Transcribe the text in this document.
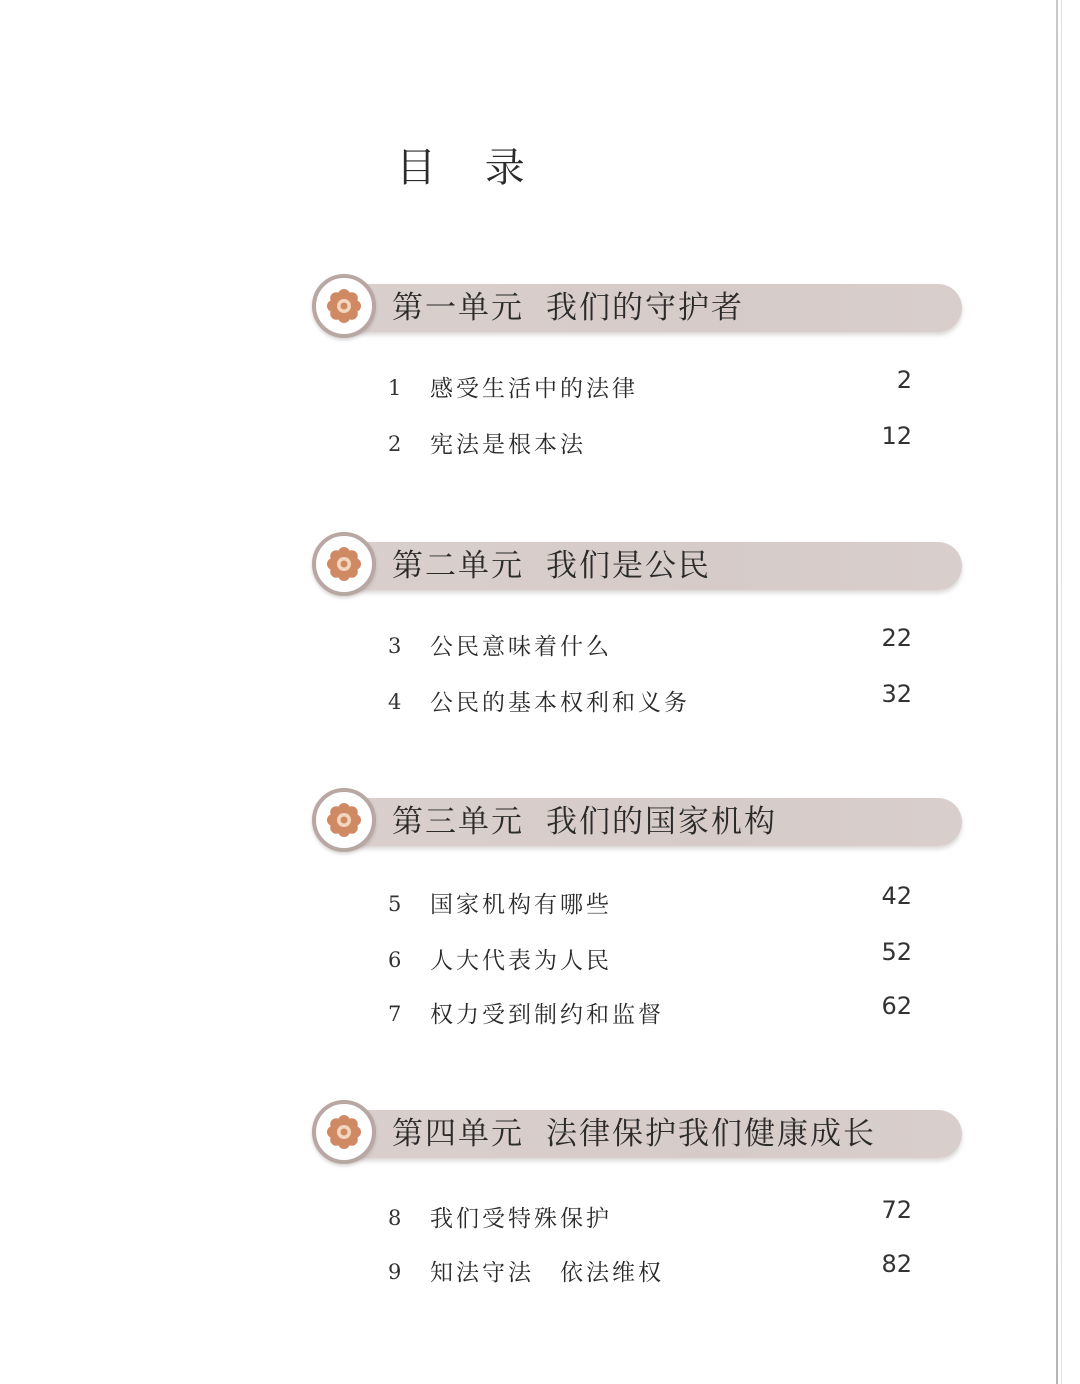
目 录
第一单元 我们的守护者
1 感受生活中的法律	2
2 宪法是根本法	12
第二单元 我们是公民
3 公民意味着什么	22
4 公民的基本权利和义务	32
第三单元 我们的国家机构
5 国家机构有哪些	42
6 人大代表为人民	52
7 权力受到制约和监督	62
第四单元 法律保护我们健康成长
8 我们受特殊保护	72
9 知法守法　依法维权	82
